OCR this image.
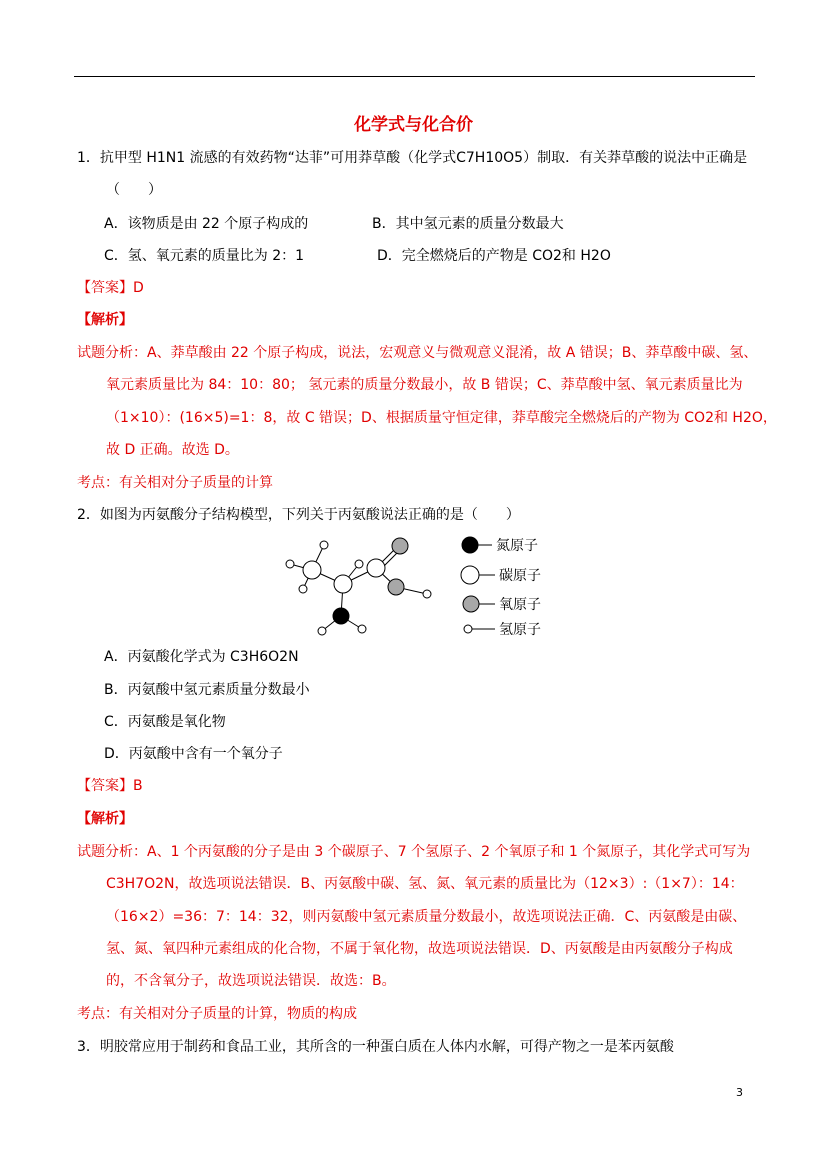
化学式与化合价
1．抗甲型 H1N1 流感的有效药物“达菲”可用莽草酸（化学式C7H10O5）制取．有关莽草酸的说法中正确是
（　　）
A．该物质是由 22 个原子构成的	B．其中氢元素的质量分数最大
C．氢、氧元素的质量比为 2：1	D．完全燃烧后的产物是 CO2和 H2O
【答案】D
【解析】
试题分析：A、莽草酸由 22 个原子构成，说法，宏观意义与微观意义混淆，故 A 错误；B、莽草酸中碳、氢、
氧元素质量比为 84：10：80； 氢元素的质量分数最小，故 B 错误；C、莽草酸中氢、氧元素质量比为
（1×10）：(16×5)=1：8，故 C 错误；D、根据质量守恒定律，莽草酸完全燃烧后的产物为 CO2和 H2O，
故 D 正确。故选 D。
考点：有关相对分子质量的计算
2．如图为丙氨酸分子结构模型，下列关于丙氨酸说法正确的是（　　）
氮原子
碳原子
氧原子
氢原子
A．丙氨酸化学式为 C3H6O2N
B．丙氨酸中氢元素质量分数最小
C．丙氨酸是氧化物
D．丙氨酸中含有一个氧分子
【答案】B
【解析】
试题分析：A、1 个丙氨酸的分子是由 3 个碳原子、7 个氢原子、2 个氧原子和 1 个氮原子，其化学式可写为
C3H7O2N，故选项说法错误．B、丙氨酸中碳、氢、氮、氧元素的质量比为（12×3）:（1×7）：14：
（16×2）=36：7：14：32，则丙氨酸中氢元素质量分数最小，故选项说法正确．C、丙氨酸是由碳、
氢、氮、氧四种元素组成的化合物，不属于氧化物，故选项说法错误．D、丙氨酸是由丙氨酸分子构成
的，不含氧分子，故选项说法错误．故选：B。
考点：有关相对分子质量的计算，物质的构成
3．明胶常应用于制药和食品工业，其所含的一种蛋白质在人体内水解，可得产物之一是苯丙氨酸
3
